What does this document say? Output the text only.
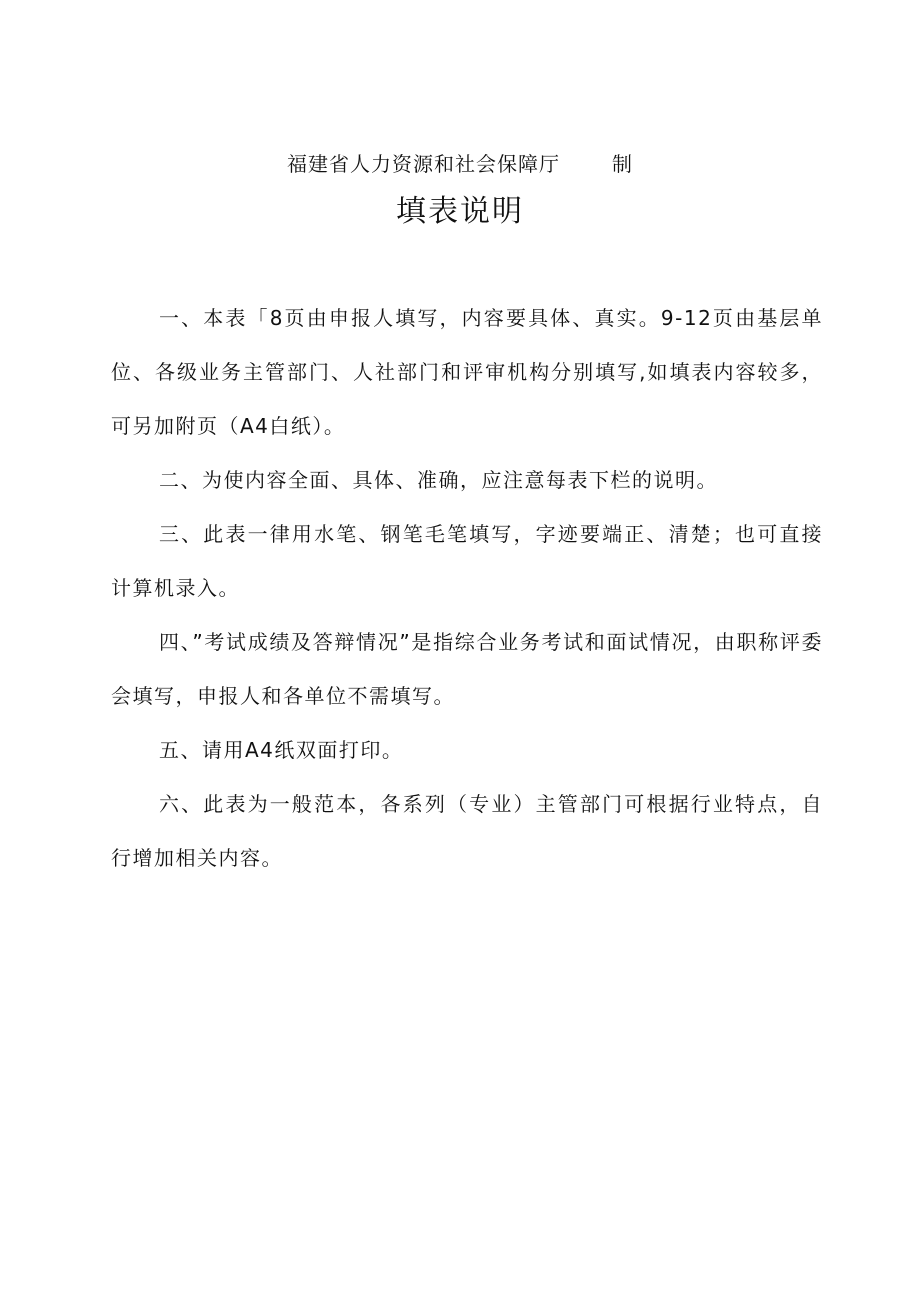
福建省人力资源和社会保障厅	制
填表说明

一、本表「8页由申报人填写，内容要具体、真实。9-12页由基层单位、各级业务主管部门、人社部门和评审机构分别填写,如填表内容较多，可另加附页（A4白纸）。

二、为使内容全面、具体、准确，应注意每表下栏的说明。

三、此表一律用水笔、钢笔毛笔填写，字迹要端正、清楚；也可直接计算机录入。

四、”考试成绩及答辩情况”是指综合业务考试和面试情况，由职称评委会填写，申报人和各单位不需填写。

五、请用A4纸双面打印。

六、此表为一般范本，各系列（专业）主管部门可根据行业特点，自行增加相关内容。
